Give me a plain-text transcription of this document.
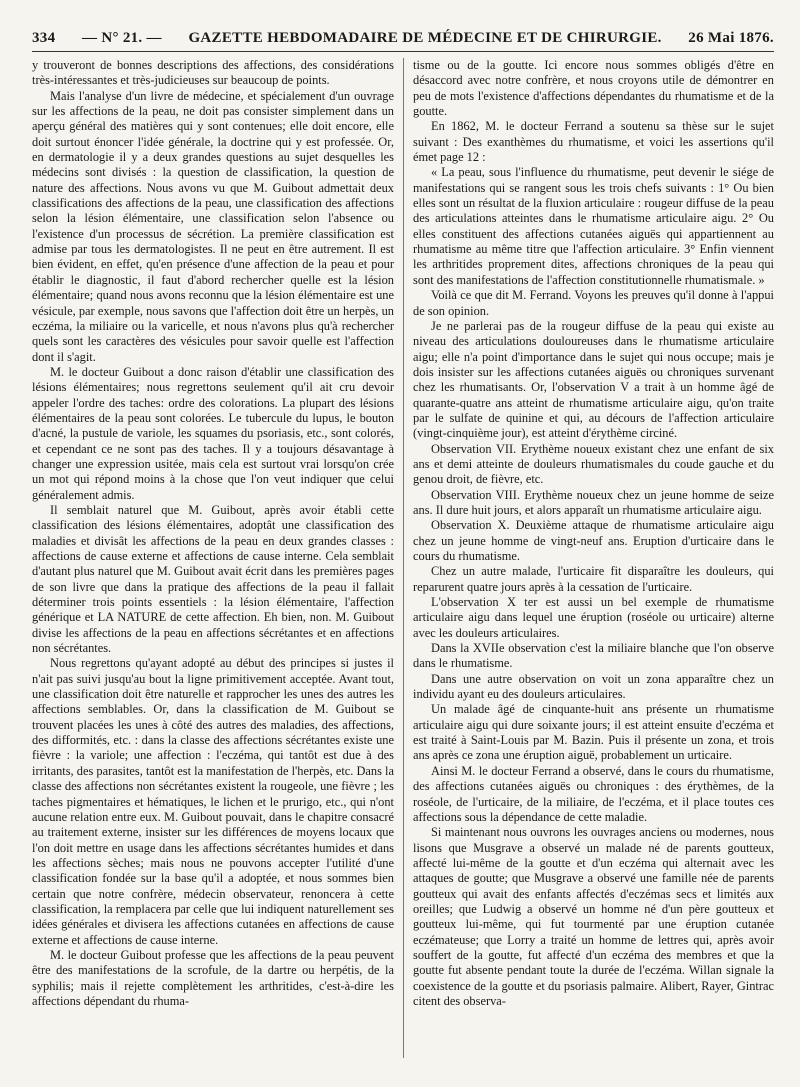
334 — N° 21. — GAZETTE HEBDOMADAIRE DE MÉDECINE ET DE CHIRURGIE. 26 Mai 1876.

y trouveront de bonnes descriptions des affections, des considérations très-intéressantes et très-judicieuses sur beaucoup de points.

Mais l'analyse d'un livre de médecine, et spécialement d'un ouvrage sur les affections de la peau, ne doit pas consister simplement dans un aperçu général des matières qui y sont contenues; elle doit encore, elle doit surtout énoncer l'idée générale, la doctrine qui y est professée. Or, en dermatologie il y a deux grandes questions au sujet desquelles les médecins sont divisés : la question de classification, la question de nature des affections. Nous avons vu que M. Guibout admettait deux classifications des affections de la peau, une classification des affections selon la lésion élémentaire, une classification selon l'absence ou l'existence d'un processus de sécrétion. La première classification est admise par tous les dermatologistes. Il ne peut en être autrement. Il est bien évident, en effet, qu'en présence d'une affection de la peau et pour établir le diagnostic, il faut d'abord rechercher quelle est la lésion élémentaire; quand nous avons reconnu que la lésion élémentaire est une vésicule, par exemple, nous savons que l'affection doit être un herpès, un eczéma, la miliaire ou la varicelle, et nous n'avons plus qu'à rechercher quels sont les caractères des vésicules pour savoir quelle est l'affection dont il s'agit.

M. le docteur Guibout a donc raison d'établir une classification des lésions élémentaires; nous regrettons seulement qu'il ait cru devoir appeler l'ordre des taches: ordre des colorations. La plupart des lésions élémentaires de la peau sont colorées. Le tubercule du lupus, le bouton d'acné, la pustule de variole, les squames du psoriasis, etc., sont colorés, et cependant ce ne sont pas des taches. Il y a toujours désavantage à changer une expression usitée, mais cela est surtout vrai lorsqu'on crée un mot qui répond moins à la chose que l'on veut indiquer que celui généralement admis.

Il semblait naturel que M. Guibout, après avoir établi cette classification des lésions élémentaires, adoptât une classification des maladies et divisât les affections de la peau en deux grandes classes : affections de cause externe et affections de cause interne. Cela semblait d'autant plus naturel que M. Guibout avait écrit dans les premières pages de son livre que dans la pratique des affections de la peau il fallait déterminer trois points essentiels : la lésion élémentaire, l'affection générique et LA NATURE de cette affection. Eh bien, non. M. Guibout divise les affections de la peau en affections sécrétantes et en affections non sécrétantes.

Nous regrettons qu'ayant adopté au début des principes si justes il n'ait pas suivi jusqu'au bout la ligne primitivement acceptée. Avant tout, une classification doit être naturelle et rapprocher les unes des autres les affections semblables. Or, dans la classification de M. Guibout se trouvent placées les unes à côté des autres des maladies, des affections, des difformités, etc. : dans la classe des affections sécrétantes existe une fièvre : la variole; une affection : l'eczéma, qui tantôt est due à des irritants, des parasites, tantôt est la manifestation de l'herpès, etc. Dans la classe des affections non sécrétantes existent la rougeole, une fièvre ; les taches pigmentaires et hématiques, le lichen et le prurigo, etc., qui n'ont aucune relation entre eux. M. Guibout pouvait, dans le chapitre consacré au traitement externe, insister sur les différences de moyens locaux que l'on doit mettre en usage dans les affections sécrétantes humides et dans les affections sèches; mais nous ne pouvons accepter l'utilité d'une classification fondée sur la base qu'il a adoptée, et nous sommes bien certain que notre confrère, médecin observateur, renoncera à cette classification, la remplacera par celle que lui indiquent naturellement ses idées générales et divisera les affections cutanées en affections de cause externe et affections de cause interne.

M. le docteur Guibout professe que les affections de la peau peuvent être des manifestations de la scrofule, de la dartre ou herpétis, de la syphilis; mais il rejette complètement les arthritides, c'est-à-dire les affections dépendant du rhuma-

tisme ou de la goutte. Ici encore nous sommes obligés d'être en désaccord avec notre confrère, et nous croyons utile de démontrer en peu de mots l'existence d'affections dépendantes du rhumatisme et de la goutte.

En 1862, M. le docteur Ferrand a soutenu sa thèse sur le sujet suivant : Des exanthèmes du rhumatisme, et voici les assertions qu'il émet page 12 :

« La peau, sous l'influence du rhumatisme, peut devenir le siége de manifestations qui se rangent sous les trois chefs suivants : 1° Ou bien elles sont un résultat de la fluxion articulaire : rougeur diffuse de la peau des articulations atteintes dans le rhumatisme articulaire aigu. 2° Ou elles constituent des affections cutanées aiguës qui appartiennent au rhumatisme au même titre que l'affection articulaire. 3° Enfin viennent les arthritides proprement dites, affections chroniques de la peau qui sont des manifestations de l'affection constitutionnelle rhumatismale. »

Voilà ce que dit M. Ferrand. Voyons les preuves qu'il donne à l'appui de son opinion.

Je ne parlerai pas de la rougeur diffuse de la peau qui existe au niveau des articulations douloureuses dans le rhumatisme articulaire aigu; elle n'a point d'importance dans le sujet qui nous occupe; mais je dois insister sur les affections cutanées aiguës ou chroniques survenant chez les rhumatisants. Or, l'observation V a trait à un homme âgé de quarante-quatre ans atteint de rhumatisme articulaire aigu, qu'on traite par le sulfate de quinine et qui, au décours de l'affection articulaire (vingt-cinquième jour), est atteint d'érythème circiné.

Observation VII. Erythème noueux existant chez une enfant de six ans et demi atteinte de douleurs rhumatismales du coude gauche et du genou droit, de fièvre, etc.

Observation VIII. Erythème noueux chez un jeune homme de seize ans. Il dure huit jours, et alors apparaît un rhumatisme articulaire aigu.

Observation X. Deuxième attaque de rhumatisme articulaire aigu chez un jeune homme de vingt-neuf ans. Eruption d'urticaire dans le cours du rhumatisme.

Chez un autre malade, l'urticaire fit disparaître les douleurs, qui reparurent quatre jours après à la cessation de l'urticaire.

L'observation X ter est aussi un bel exemple de rhumatisme articulaire aigu dans lequel une éruption (roséole ou urticaire) alterne avec les douleurs articulaires.

Dans la XVIIe observation c'est la miliaire blanche que l'on observe dans le rhumatisme.

Dans une autre observation on voit un zona apparaître chez un individu ayant eu des douleurs articulaires.

Un malade âgé de cinquante-huit ans présente un rhumatisme articulaire aigu qui dure soixante jours; il est atteint ensuite d'eczéma et est traité à Saint-Louis par M. Bazin. Puis il présente un zona, et trois ans après ce zona une éruption aiguë, probablement un urticaire.

Ainsi M. le docteur Ferrand a observé, dans le cours du rhumatisme, des affections cutanées aiguës ou chroniques : des érythèmes, de la roséole, de l'urticaire, de la miliaire, de l'eczéma, et il place toutes ces affections sous la dépendance de cette maladie.

Si maintenant nous ouvrons les ouvrages anciens ou modernes, nous lisons que Musgrave a observé un malade né de parents goutteux, affecté lui-même de la goutte et d'un eczéma qui alternait avec les attaques de goutte; que Musgrave a observé une famille née de parents goutteux qui avait des enfants affectés d'eczémas secs et limités aux oreilles; que Ludwig a observé un homme né d'un père goutteux et goutteux lui-même, qui fut tourmenté par une éruption cutanée eczémateuse; que Lorry a traité un homme de lettres qui, après avoir souffert de la goutte, fut affecté d'un eczéma des membres et que la goutte fut absente pendant toute la durée de l'eczéma. Willan signale la coexistence de la goutte et du psoriasis palmaire. Alibert, Rayer, Gintrac citent des observa-
